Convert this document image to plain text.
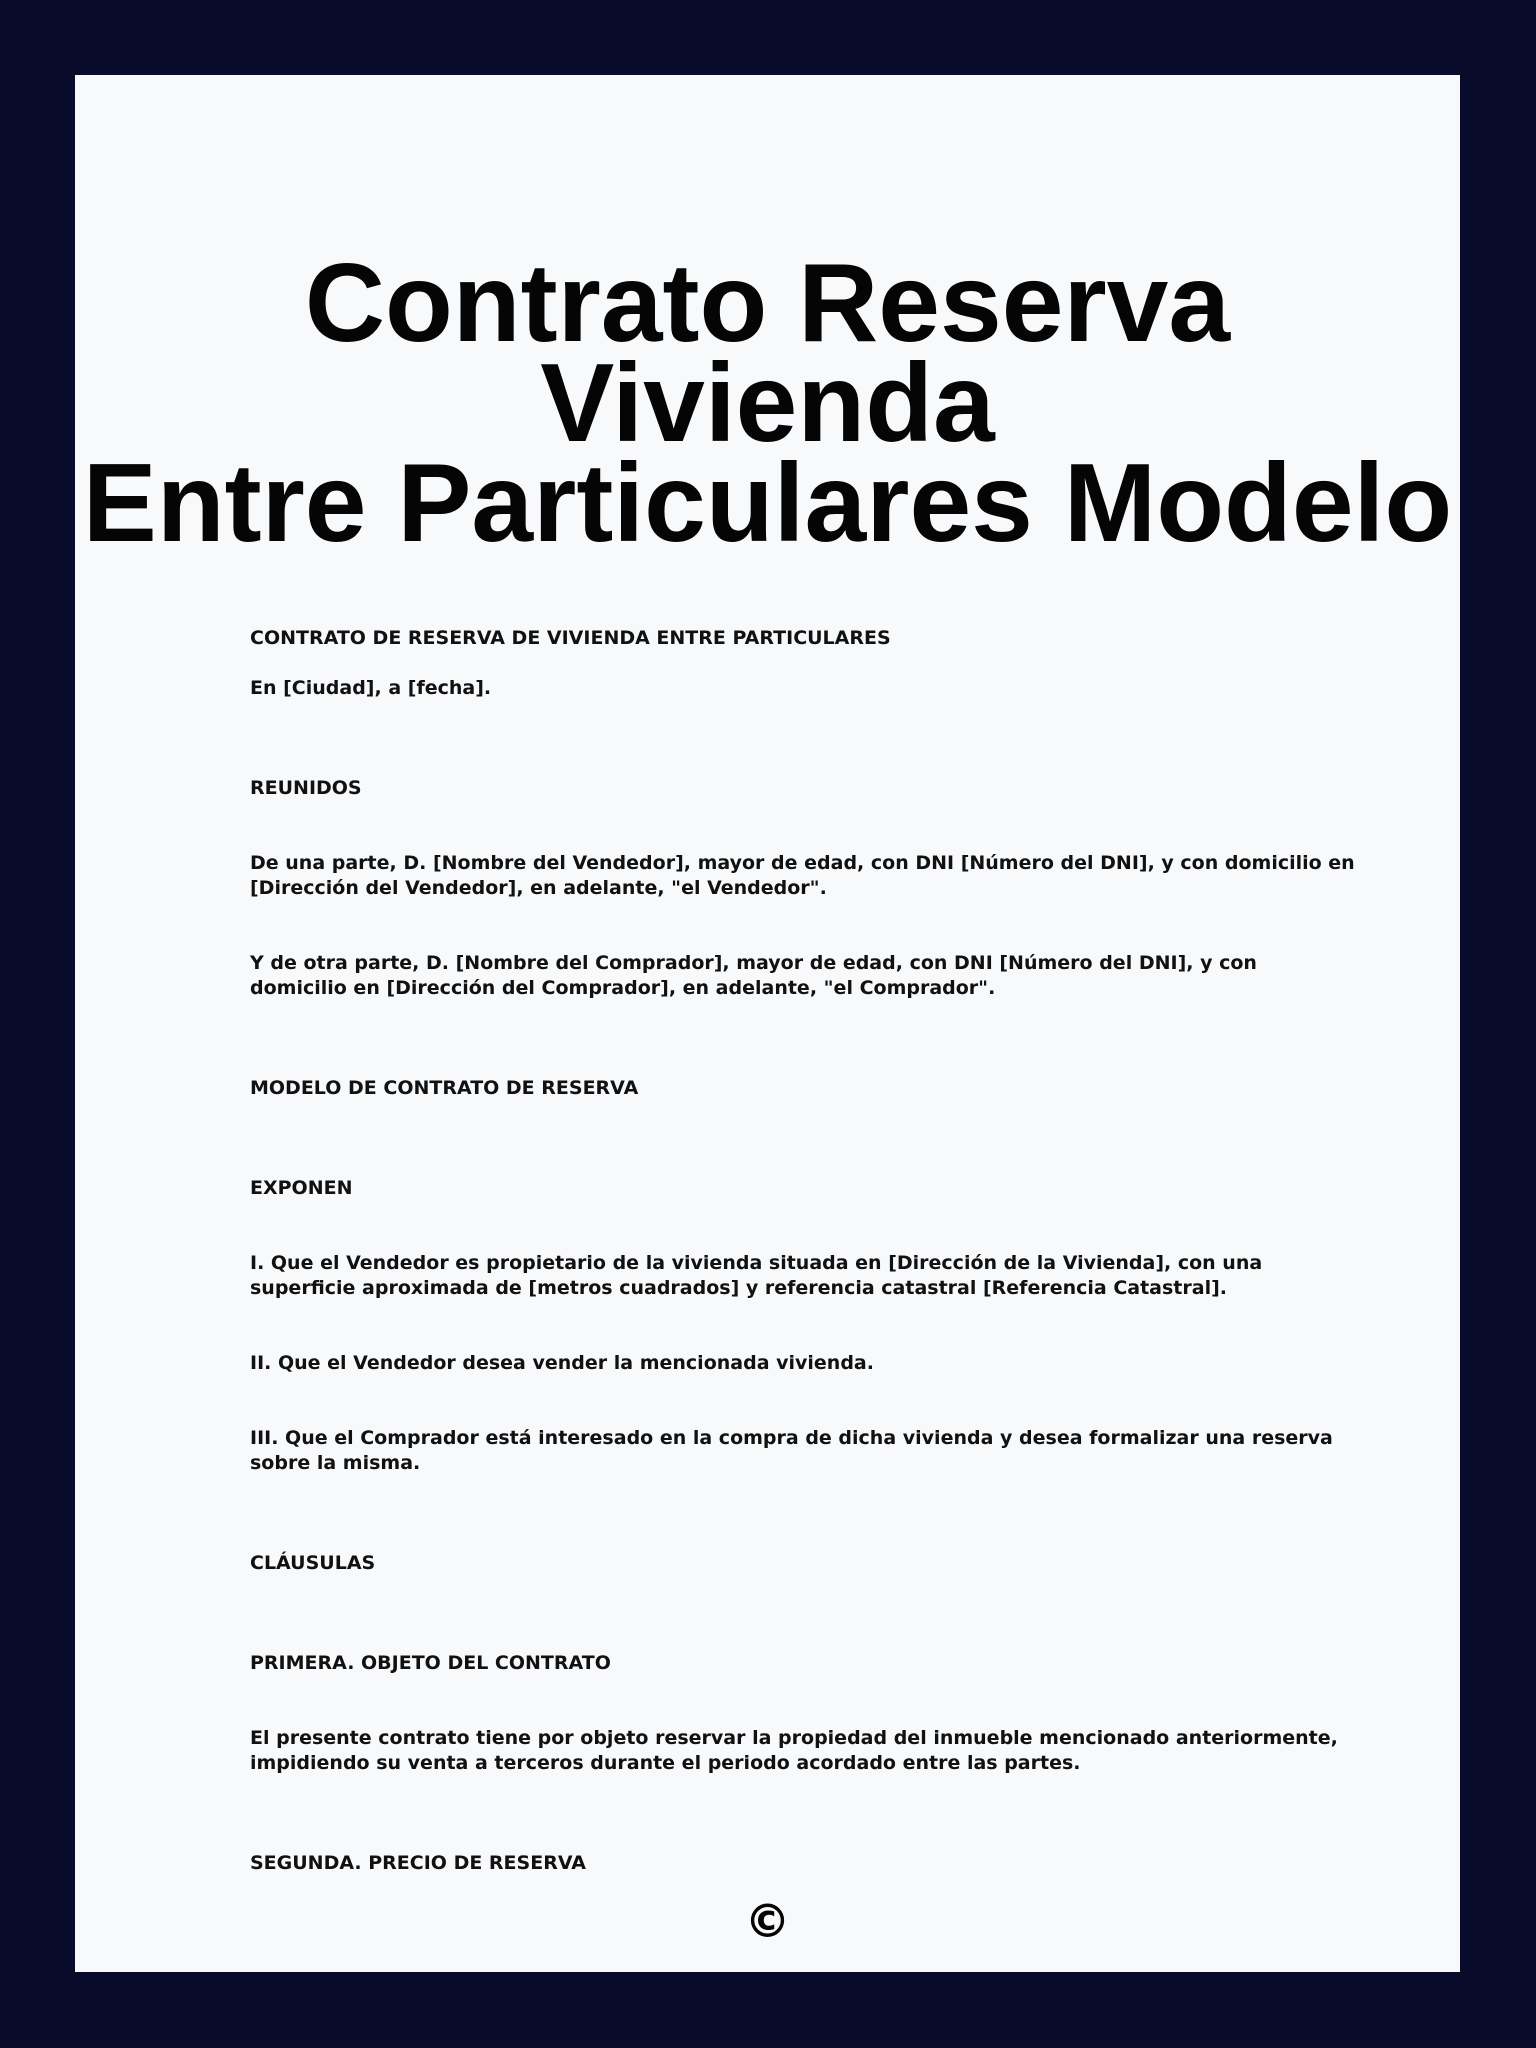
Contrato Reserva Vivienda
Entre Particulares Modelo

CONTRATO DE RESERVA DE VIVIENDA ENTRE PARTICULARES

En [Ciudad], a [fecha].

REUNIDOS

De una parte, D. [Nombre del Vendedor], mayor de edad, con DNI [Número del DNI], y con domicilio en [Dirección del Vendedor], en adelante, "el Vendedor".

Y de otra parte, D. [Nombre del Comprador], mayor de edad, con DNI [Número del DNI], y con domicilio en [Dirección del Comprador], en adelante, "el Comprador".

MODELO DE CONTRATO DE RESERVA

EXPONEN

I. Que el Vendedor es propietario de la vivienda situada en [Dirección de la Vivienda], con una superficie aproximada de [metros cuadrados] y referencia catastral [Referencia Catastral].

II. Que el Vendedor desea vender la mencionada vivienda.

III. Que el Comprador está interesado en la compra de dicha vivienda y desea formalizar una reserva sobre la misma.

CLÁUSULAS

PRIMERA. OBJETO DEL CONTRATO

El presente contrato tiene por objeto reservar la propiedad del inmueble mencionado anteriormente, impidiendo su venta a terceros durante el periodo acordado entre las partes.

SEGUNDA. PRECIO DE RESERVA

©
